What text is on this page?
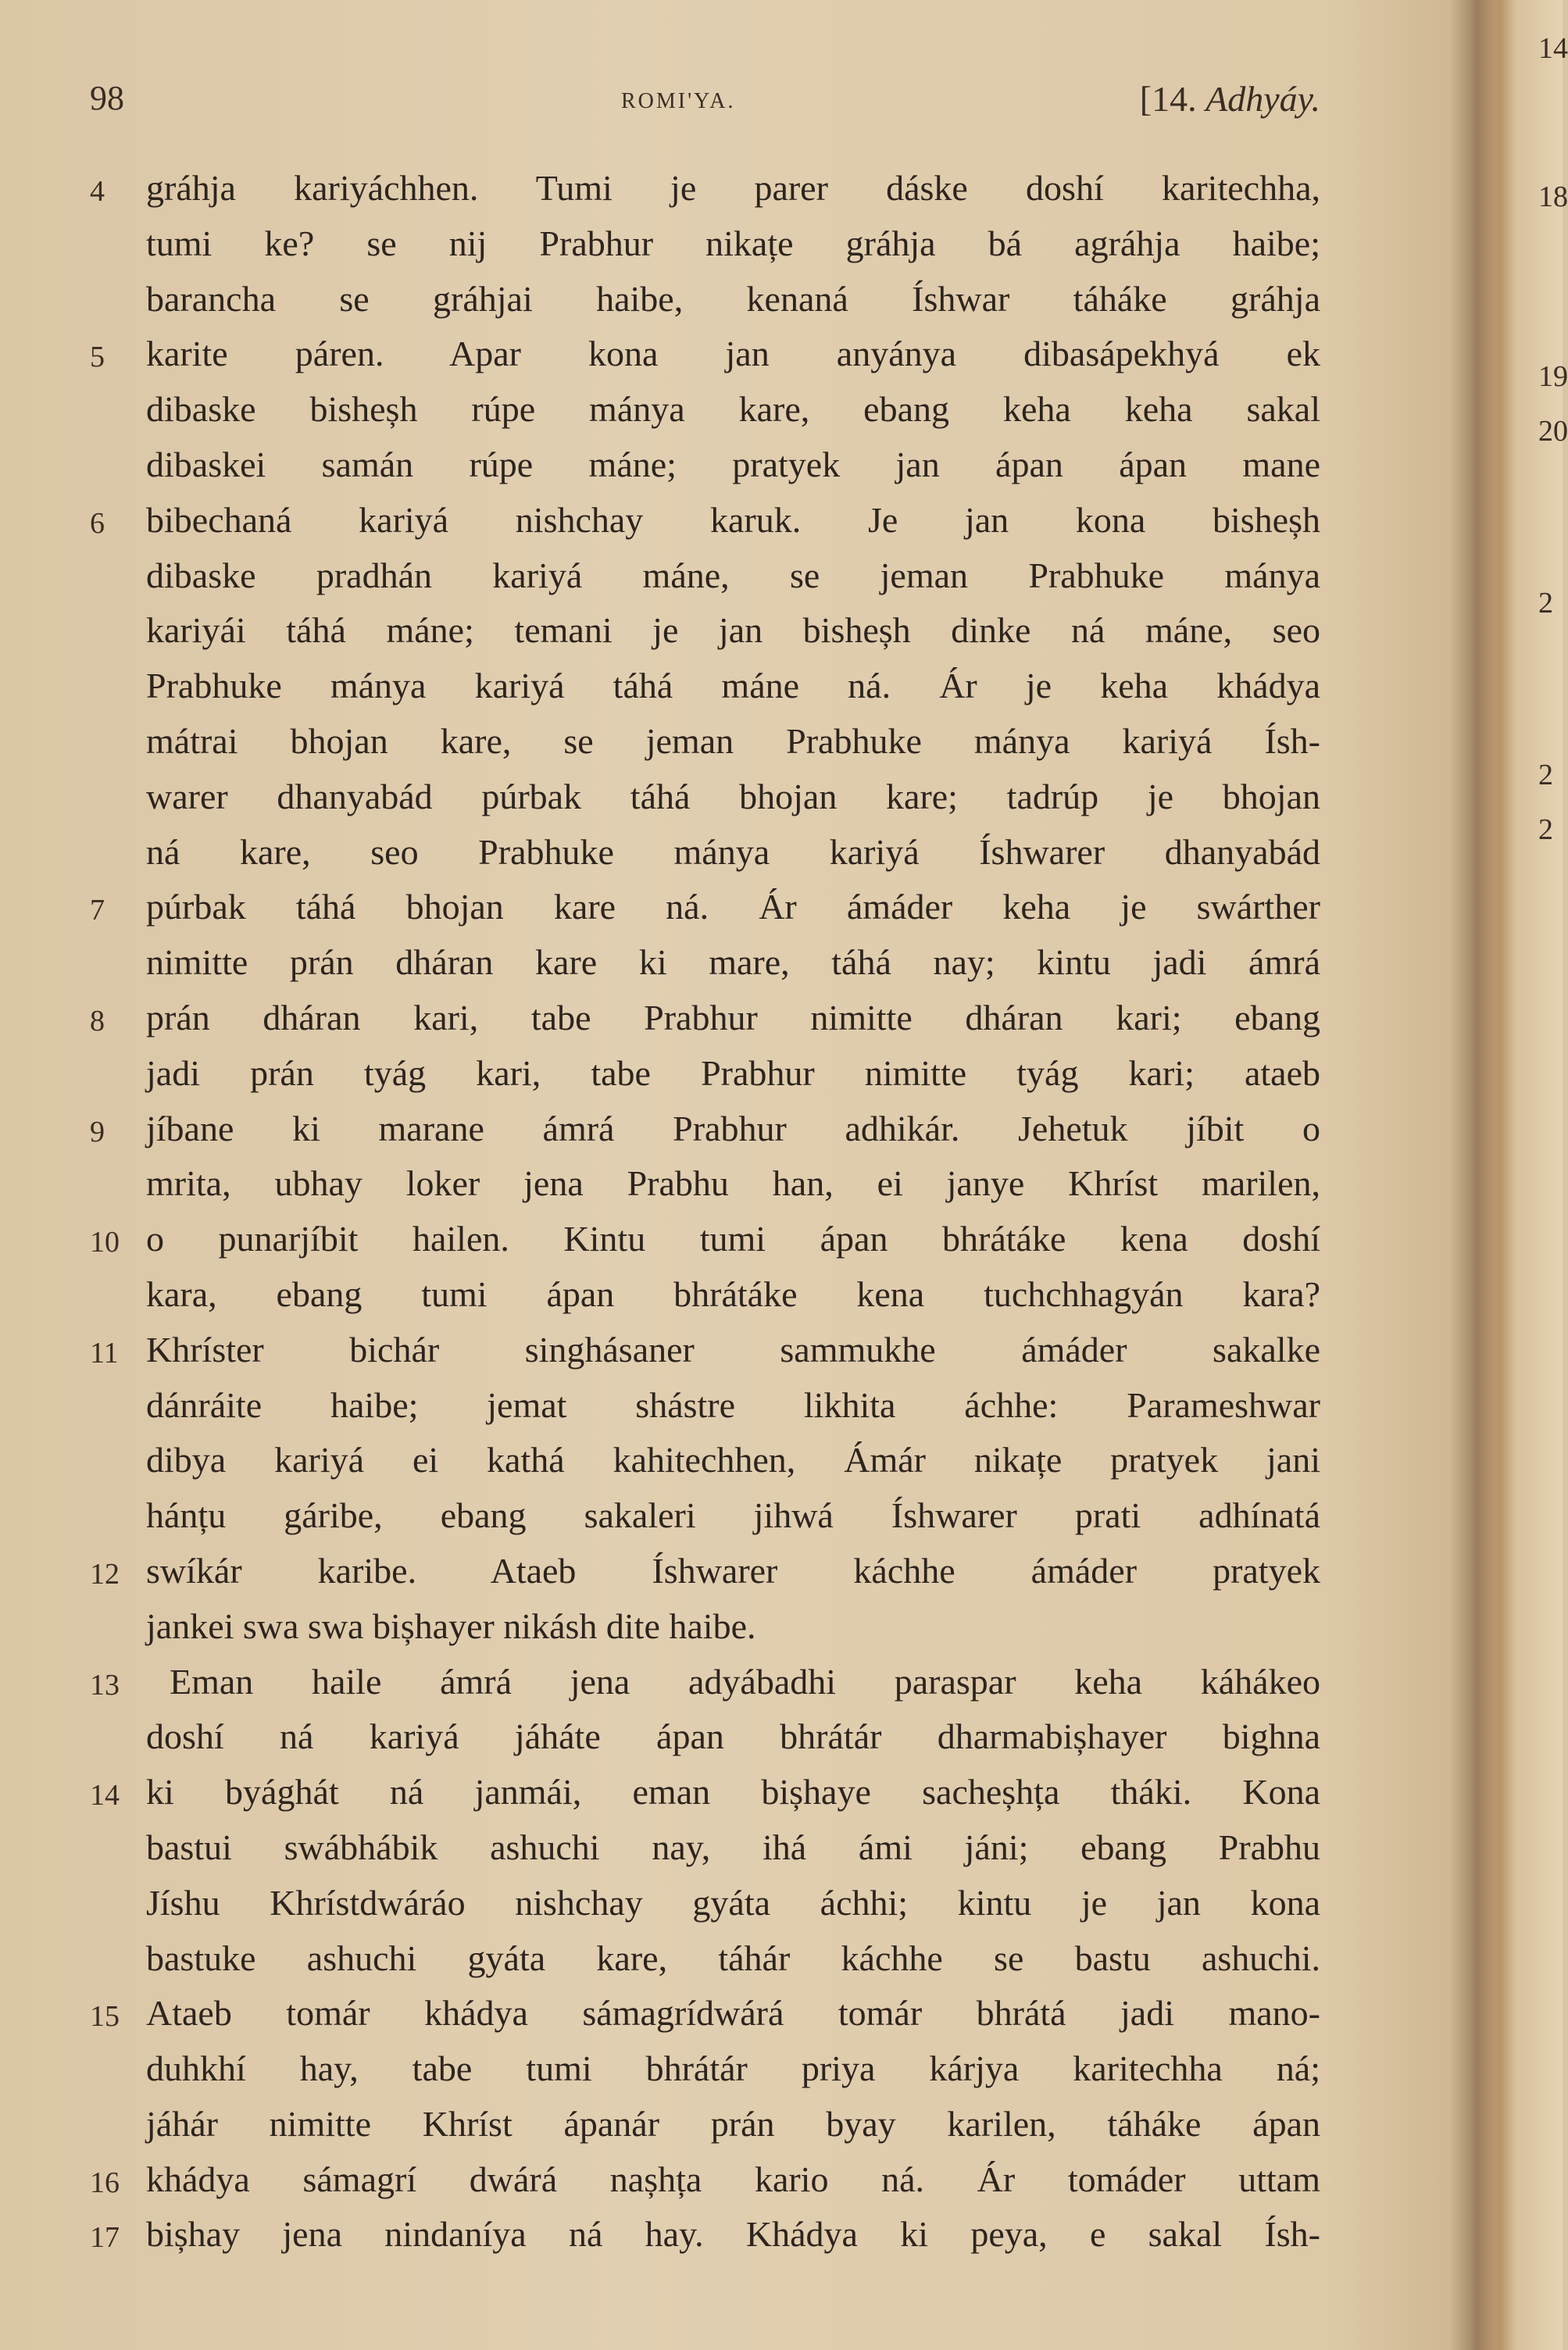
98	ROMI'YA.	[14. Adhyáy.
4	gráhja kariyáchhen. Tumi je parer dáske doshí karitechha,
tumi ke? se nij Prabhur nikațe gráhja bá agráhja haibe;
barancha se gráhjai haibe, kenaná Íshwar táháke gráhja
5	karite páren. Apar kona jan anyánya dibasápekhyá ek
dibaske bisheșh rúpe mánya kare, ebang keha keha sakal
dibaskei samán rúpe máne; pratyek jan ápan ápan mane
6	bibechaná kariyá nishchay karuk. Je jan kona bisheșh
dibaske pradhán kariyá máne, se jeman Prabhuke mánya
kariyái táhá máne; temani je jan bisheșh dinke ná máne, seo
Prabhuke mánya kariyá táhá máne ná. Ár je keha khádya
mátrai bhojan kare, se jeman Prabhuke mánya kariyá Ísh-
warer dhanyabád púrbak táhá bhojan kare; tadrúp je bhojan
ná kare, seo Prabhuke mánya kariyá Íshwarer dhanyabád
7	púrbak táhá bhojan kare ná. Ár ámáder keha je swárther
nimitte prán dháran kare ki mare, táhá nay; kintu jadi ámrá
8	prán dháran kari, tabe Prabhur nimitte dháran kari; ebang
jadi prán tyág kari, tabe Prabhur nimitte tyág kari; ataeb
9	jíbane ki marane ámrá Prabhur adhikár. Jehetuk jíbit o
mrita, ubhay loker jena Prabhu han, ei janye Khríst marilen,
10 o punarjíbit hailen. Kintu tumi ápan bhrátáke kena doshí
kara, ebang tumi ápan bhrátáke kena tuchchhagyán kara?
11 Khríster bichár singhásaner sammukhe ámáder sakalke
dánráite haibe; jemat shástre likhita áchhe: Parameshwar
dibya kariyá ei kathá kahitechhen, Ámár nikațe pratyek jani
hánțu gáribe, ebang sakaleri jihwá Íshwarer prati adhínatá
12 swíkár karibe. Ataeb Íshwarer káchhe ámáder pratyek
jankei swa swa bișhayer nikásh dite haibe.
13	Eman haile ámrá jena adyábadhi paraspar keha káhákeo
doshí ná kariyá jáháte ápan bhrátár dharmabișhayer bighna
14 ki byághát ná janmái, eman bișhaye sacheșhța tháki. Kona
bastui swábhábik ashuchi nay, ihá ámi jáni; ebang Prabhu
Jíshu Khrístdwáráo nishchay gyáta áchhi; kintu je jan kona
bastuke ashuchi gyáta kare, táhár káchhe se bastu ashuchi.
15 Ataeb tomár khádya sámagrídwárá tomár bhrátá jadi mano-
duhkhí hay, tabe tumi bhrátár priya kárjya karitechha ná;
jáhár nimitte Khríst ápanár prán byay karilen, táháke ápan
16 khádya sámagrí dwárá nașhța kario ná. Ár tomáder uttam
17 bișhay jena nindaníya ná hay. Khádya ki peya, e sakal Ísh-
14
18
19
20
2
2
2
